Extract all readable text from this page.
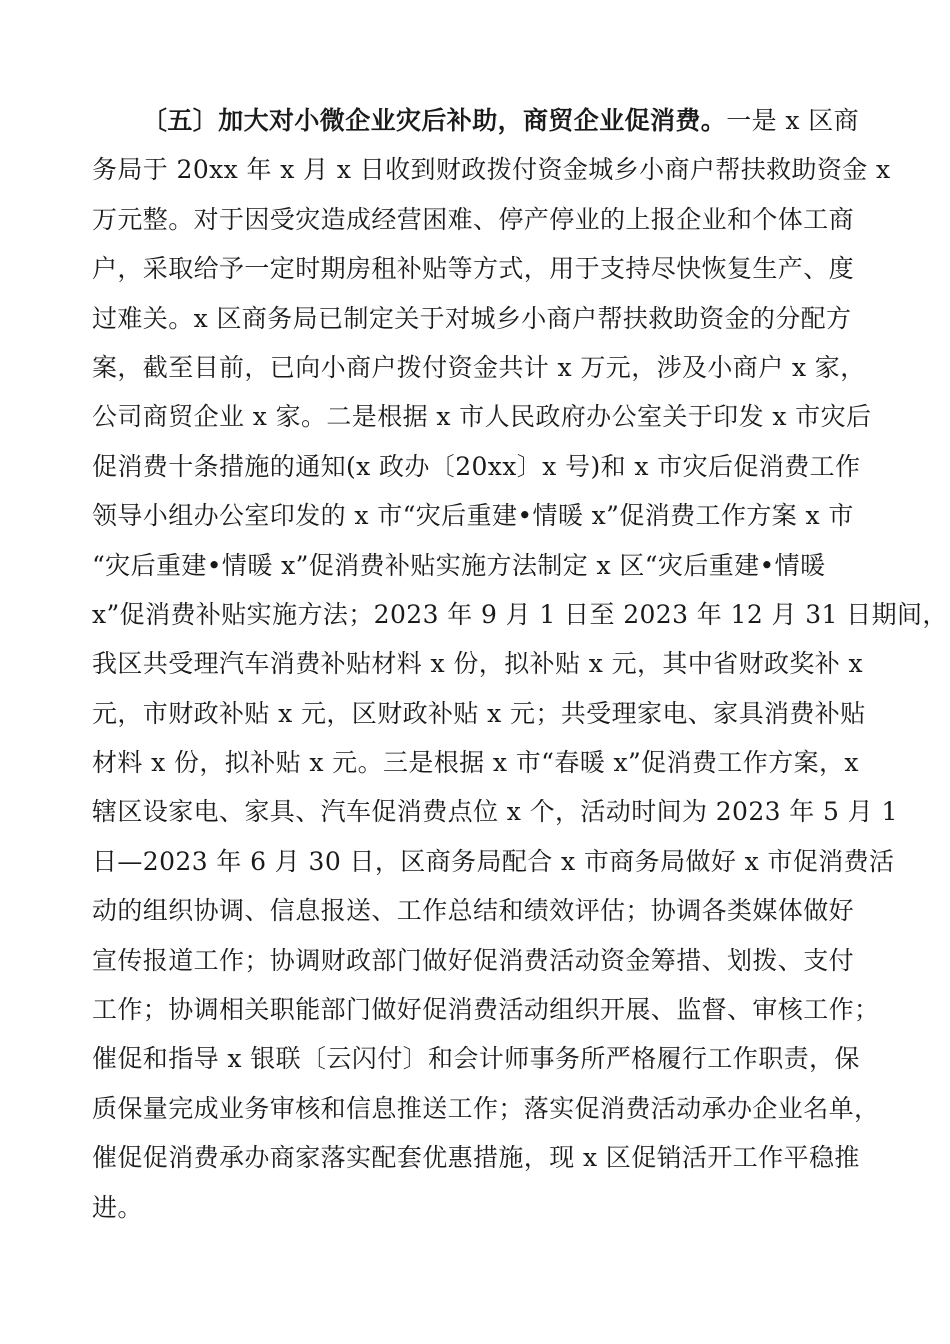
〔五〕加大对小微企业灾后补助，商贸企业促消费。一是 x 区商
务局于 20xx 年 x 月 x 日收到财政拨付资金城乡小商户帮扶救助资金 x
万元整。对于因受灾造成经营困难、停产停业的上报企业和个体工商
户，采取给予一定时期房租补贴等方式，用于支持尽快恢复生产、度
过难关。x 区商务局已制定关于对城乡小商户帮扶救助资金的分配方
案，截至目前，已向小商户拨付资金共计 x 万元，涉及小商户 x 家，
公司商贸企业 x 家。二是根据 x 市人民政府办公室关于印发 x 市灾后
促消费十条措施的通知(x 政办〔20xx〕x 号)和 x 市灾后促消费工作
领导小组办公室印发的 x 市“灾后重建•情暖 x”促消费工作方案 x 市
“灾后重建•情暖 x”促消费补贴实施方法制定 x 区“灾后重建•情暖
x”促消费补贴实施方法；2023 年 9 月 1 日至 2023 年 12 月 31 日期间，
我区共受理汽车消费补贴材料 x 份，拟补贴 x 元，其中省财政奖补 x
元，市财政补贴 x 元，区财政补贴 x 元；共受理家电、家具消费补贴
材料 x 份，拟补贴 x 元。三是根据 x 市“春暖 x”促消费工作方案，x
辖区设家电、家具、汽车促消费点位 x 个，活动时间为 2023 年 5 月 1
日—2023 年 6 月 30 日，区商务局配合 x 市商务局做好 x 市促消费活
动的组织协调、信息报送、工作总结和绩效评估；协调各类媒体做好
宣传报道工作；协调财政部门做好促消费活动资金筹措、划拨、支付
工作；协调相关职能部门做好促消费活动组织开展、监督、审核工作；
催促和指导 x 银联〔云闪付〕和会计师事务所严格履行工作职责，保
质保量完成业务审核和信息推送工作；落实促消费活动承办企业名单，
催促促消费承办商家落实配套优惠措施，现 x 区促销活开工作平稳推
进。
